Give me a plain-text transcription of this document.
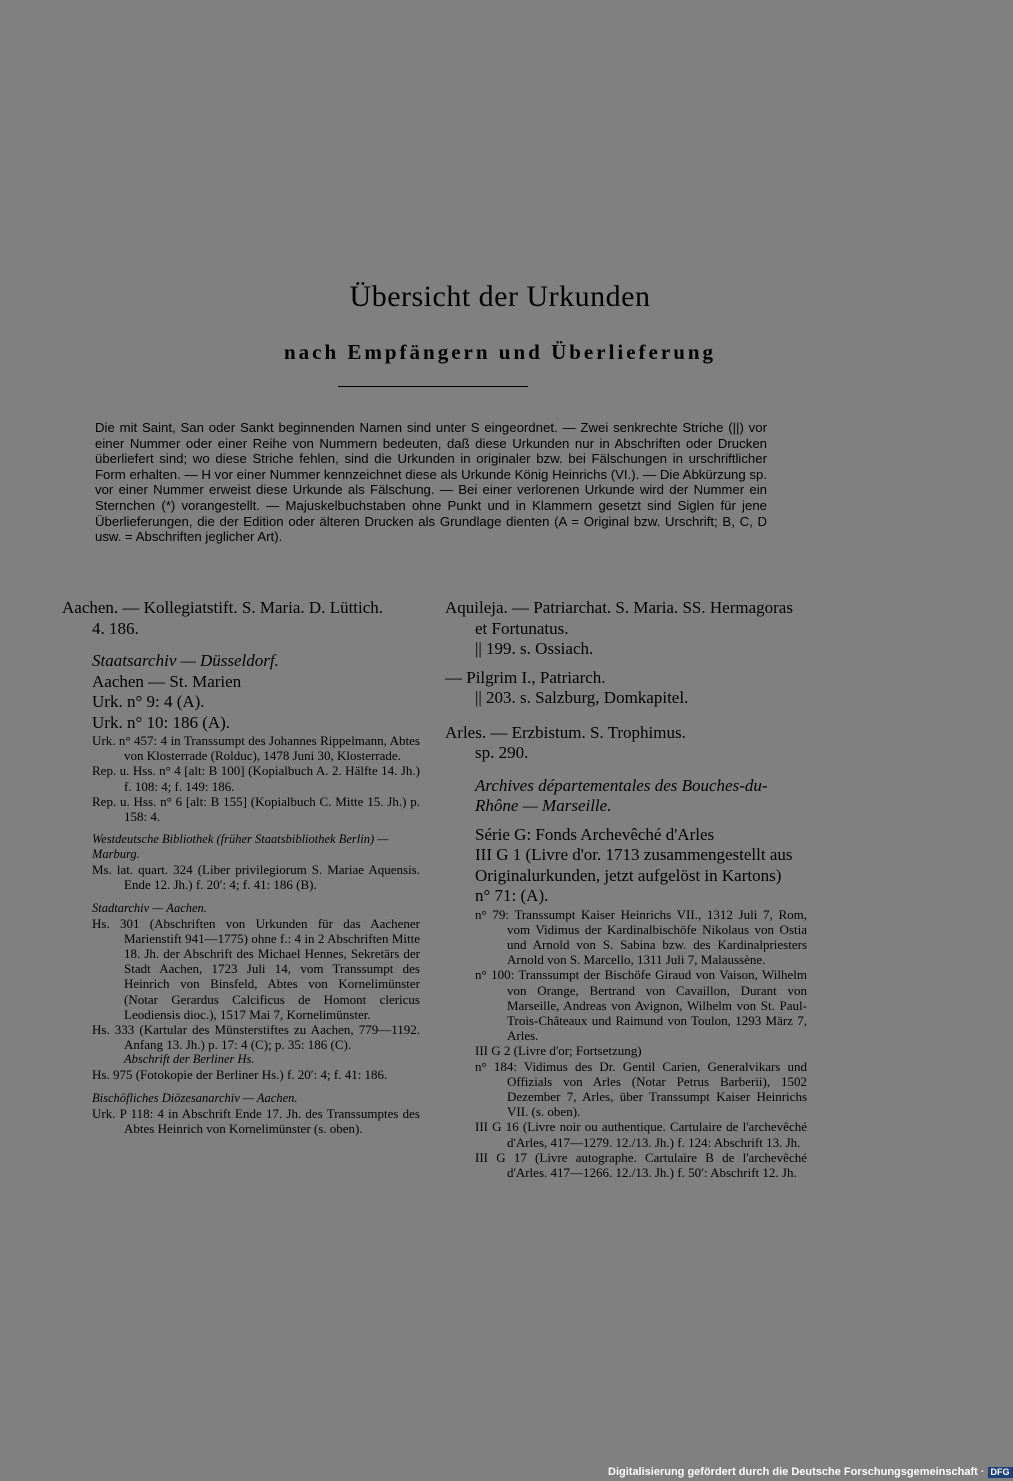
Übersicht der Urkunden
nach Empfängern und Überlieferung

Die mit Saint, San oder Sankt beginnenden Namen sind unter S eingeordnet. — Zwei senkrechte Striche (||) vor einer Nummer oder einer Reihe von Nummern bedeuten, daß diese Urkunden nur in Abschriften oder Drucken überliefert sind; wo diese Striche fehlen, sind die Urkunden in originaler bzw. bei Fälschungen in urschriftlicher Form erhalten. — H vor einer Nummer kennzeichnet diese als Urkunde König Heinrichs (VI.). — Die Abkürzung sp. vor einer Nummer erweist diese Urkunde als Fälschung. — Bei einer verlorenen Urkunde wird der Nummer ein Sternchen (*) vorangestellt. — Majuskelbuchstaben ohne Punkt und in Klammern gesetzt sind Siglen für jene Überlieferungen, die der Edition oder älteren Drucken als Grundlage dienten (A = Original bzw. Urschrift; B, C, D usw. = Abschriften jeglicher Art).

Aachen. — Kollegiatstift. S. Maria. D. Lüttich.

4. 186.

Staatsarchiv — Düsseldorf.

Aachen — St. Marien

Urk. n° 9: 4 (A).

Urk. n° 10: 186 (A).

Urk. n° 457: 4 in Transsumpt des Johannes Rippelmann, Abtes von Klosterrade (Rolduc), 1478 Juni 30, Klosterrade.

Rep. u. Hss. n° 4 [alt: B 100] (Kopialbuch A. 2. Hälfte 14. Jh.) f. 108: 4; f. 149: 186.

Rep. u. Hss. n° 6 [alt: B 155] (Kopialbuch C. Mitte 15. Jh.) p. 158: 4.

Westdeutsche Bibliothek (früher Staatsbibliothek Berlin) — Marburg.

Ms. lat. quart. 324 (Liber privilegiorum S. Mariae Aquensis. Ende 12. Jh.) f. 20′: 4; f. 41: 186 (B).

Stadtarchiv — Aachen.

Hs. 301 (Abschriften von Urkunden für das Aachener Marienstift 941—1775) ohne f.: 4 in 2 Abschriften Mitte 18. Jh. der Abschrift des Michael Hennes, Sekretärs der Stadt Aachen, 1723 Juli 14, vom Transsumpt des Heinrich von Binsfeld, Abtes von Kornelimünster (Notar Gerardus Calcificus de Homont clericus Leodiensis dioc.), 1517 Mai 7, Kornelimünster.

Hs. 333 (Kartular des Münsterstiftes zu Aachen, 779—1192. Anfang 13. Jh.) p. 17: 4 (C); p. 35: 186 (C).

Abschrift der Berliner Hs.

Hs. 975 (Fotokopie der Berliner Hs.) f. 20′: 4; f. 41: 186.

Bischöfliches Diözesanarchiv — Aachen.

Urk. P 118: 4 in Abschrift Ende 17. Jh. des Transsumptes des Abtes Heinrich von Kornelimünster (s. oben).

Aquileja. — Patriarchat. S. Maria. SS. Hermagoras et Fortunatus.

|| 199. s. Ossiach.

— Pilgrim I., Patriarch.

|| 203. s. Salzburg, Domkapitel.

Arles. — Erzbistum. S. Trophimus.

sp. 290.

Archives départementales des Bouches-du-Rhône — Marseille.

Série G: Fonds Archevêché d'Arles

III G 1 (Livre d'or. 1713 zusammengestellt aus Originalurkunden, jetzt aufgelöst in Kartons)

n° 71: (A).

n° 79: Transsumpt Kaiser Heinrichs VII., 1312 Juli 7, Rom, vom Vidimus der Kardinalbischöfe Nikolaus von Ostia und Arnold von S. Sabina bzw. des Kardinalpriesters Arnold von S. Marcello, 1311 Juli 7, Malaussène.

n° 100: Transsumpt der Bischöfe Giraud von Vaison, Wilhelm von Orange, Bertrand von Cavaillon, Durant von Marseille, Andreas von Avignon, Wilhelm von St. Paul-Trois-Châteaux und Raimund von Toulon, 1293 März 7, Arles.

III G 2 (Livre d'or; Fortsetzung)

n° 184: Vidimus des Dr. Gentil Carien, Generalvikars und Offizials von Arles (Notar Petrus Barberii), 1502 Dezember 7, Arles, über Transsumpt Kaiser Heinrichs VII. (s. oben).

III G 16 (Livre noir ou authentique. Cartulaire de l'archevêché d'Arles, 417—1279. 12./13. Jh.) f. 124: Abschrift 13. Jh.

III G 17 (Livre autographe. Cartulaire B de l'archevêché d'Arles. 417—1266. 12./13. Jh.) f. 50′: Abschrift 12. Jh.

Digitalisierung gefördert durch die Deutsche Forschungsgemeinschaft · DFG
